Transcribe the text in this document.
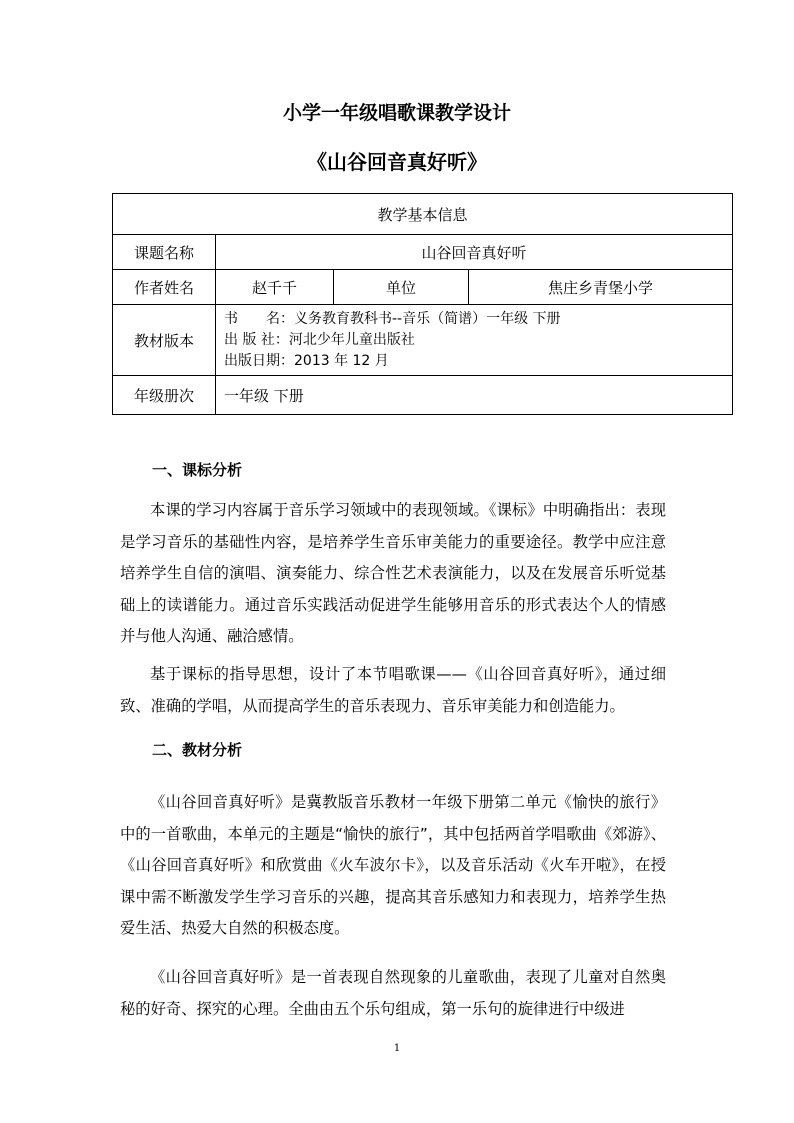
小学一年级唱歌课教学设计
《山谷回音真好听》
教学基本信息			
课题名称	山谷回音真好听		
作者姓名	赵千千	单位	焦庄乡青堡小学
教材版本	书　　名：义务教育教科书--音乐（简谱）一年级 下册
出 版 社：河北少年儿童出版社
出版日期：2013 年 12 月		

年级册次	一年级 下册		
一、课标分析

本课的学习内容属于音乐学习领域中的表现领域。《课标》中明确指出：表现是学习音乐的基础性内容，是培养学生音乐审美能力的重要途径。教学中应注意培养学生自信的演唱、演奏能力、综合性艺术表演能力，以及在发展音乐听觉基础上的读谱能力。通过音乐实践活动促进学生能够用音乐的形式表达个人的情感并与他人沟通、融洽感情。

基于课标的指导思想，设计了本节唱歌课——《山谷回音真好听》，通过细致、准确的学唱，从而提高学生的音乐表现力、音乐审美能力和创造能力。

二、教材分析

《山谷回音真好听》是冀教版音乐教材一年级下册第二单元《愉快的旅行》中的一首歌曲，本单元的主题是“愉快的旅行”，其中包括两首学唱歌曲《郊游》、《山谷回音真好听》和欣赏曲《火车波尔卡》，以及音乐活动《火车开啦》，在授课中需不断激发学生学习音乐的兴趣，提高其音乐感知力和表现力，培养学生热爱生活、热爱大自然的积极态度。

《山谷回音真好听》是一首表现自然现象的儿童歌曲，表现了儿童对自然奥秘的好奇、探究的心理。全曲由五个乐句组成，第一乐句的旋律进行中级进

1
